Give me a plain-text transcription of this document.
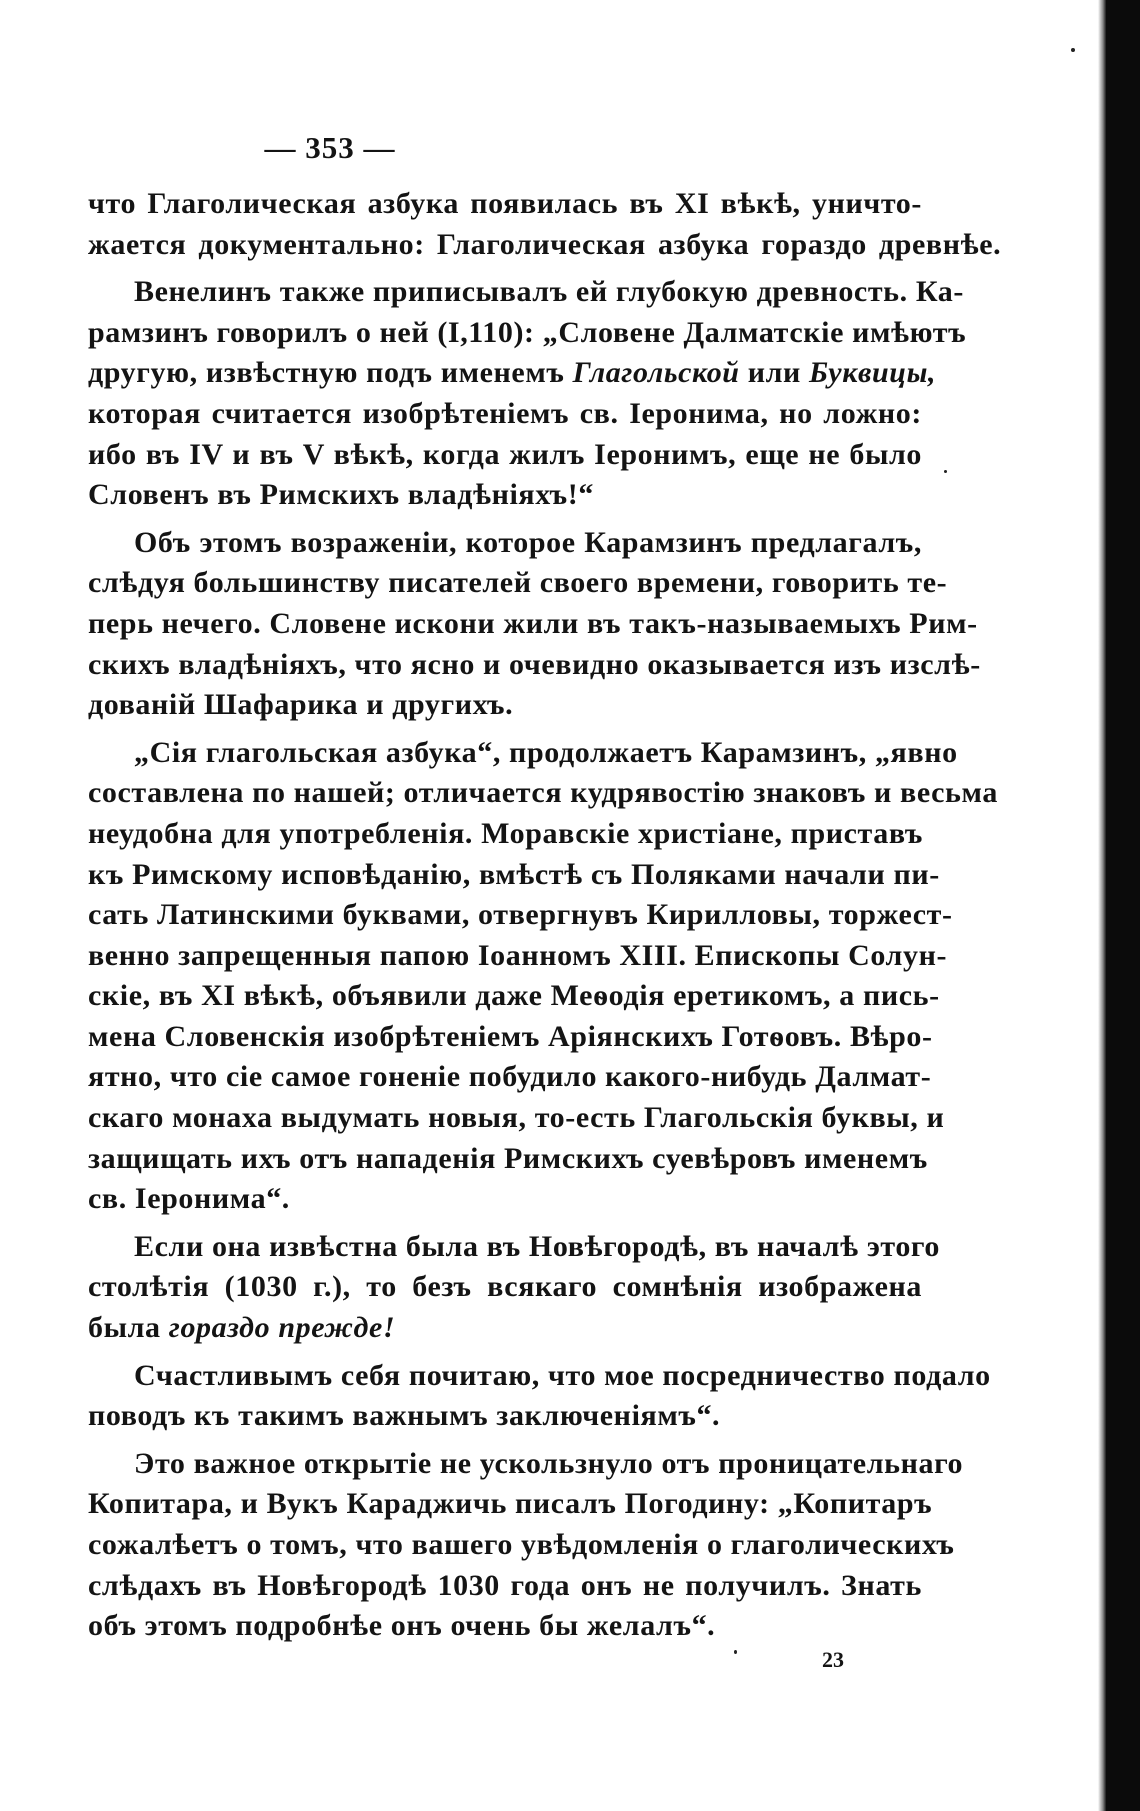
— 353 —
что Глаголическая азбука появилась въ XI вѣкѣ, уничто-
жается документально: Глаголическая азбука гораздо древнѣе.
Венелинъ также приписывалъ ей глубокую древность. Ка-
рамзинъ говорилъ о ней (I,110): „Словене Далматскіе имѣютъ
другую, извѣстную подъ именемъ Глагольской или Буквицы,
которая считается изобрѣтеніемъ св. Іеронима, но ложно:
ибо въ IV и въ V вѣкѣ, когда жилъ Іеронимъ, еще не было
Словенъ въ Римскихъ владѣніяхъ!“
Объ этомъ возраженіи, которое Карамзинъ предлагалъ,
слѣдуя большинству писателей своего времени, говорить те-
перь нечего. Словене искони жили въ такъ-называемыхъ Рим-
скихъ владѣніяхъ, что ясно и очевидно оказывается изъ изслѣ-
дованій Шафарика и другихъ.
„Сія глагольская азбука“, продолжаетъ Карамзинъ, „явно
составлена по нашей; отличается кудрявостію знаковъ и весьма
неудобна для употребленія. Моравскіе христіане, приставъ
къ Римскому исповѣданію, вмѣстѣ съ Поляками начали пи-
сать Латинскими буквами, отвергнувъ Кирилловы, торжест-
венно запрещенныя папою Іоанномъ XIII. Епископы Солун-
скіе, въ XI вѣкѣ, объявили даже Меѳодія еретикомъ, а пись-
мена Словенскія изобрѣтеніемъ Аріянскихъ Готѳовъ. Вѣро-
ятно, что сіе самое гоненіе побудило какого-нибудь Далмат-
скаго монаха выдумать новыя, то-есть Глагольскія буквы, и
защищать ихъ отъ нападенія Римскихъ суевѣровъ именемъ
св. Іеронима“.
Если она извѣстна была въ Новѣгородѣ, въ началѣ этого
столѣтія (1030 г.), то безъ всякаго сомнѣнія изображена
была гораздо прежде!
Счастливымъ себя почитаю, что мое посредничество подало
поводъ къ такимъ важнымъ заключеніямъ“.
Это важное открытіе не ускользнуло отъ проницательнаго
Копитара, и Вукъ Караджичь писалъ Погодину: „Копитаръ
сожалѣетъ о томъ, что вашего увѣдомленія о глаголическихъ
слѣдахъ въ Новѣгородѣ 1030 года онъ не получилъ. Знать
объ этомъ подробнѣе онъ очень бы желалъ“.
23
